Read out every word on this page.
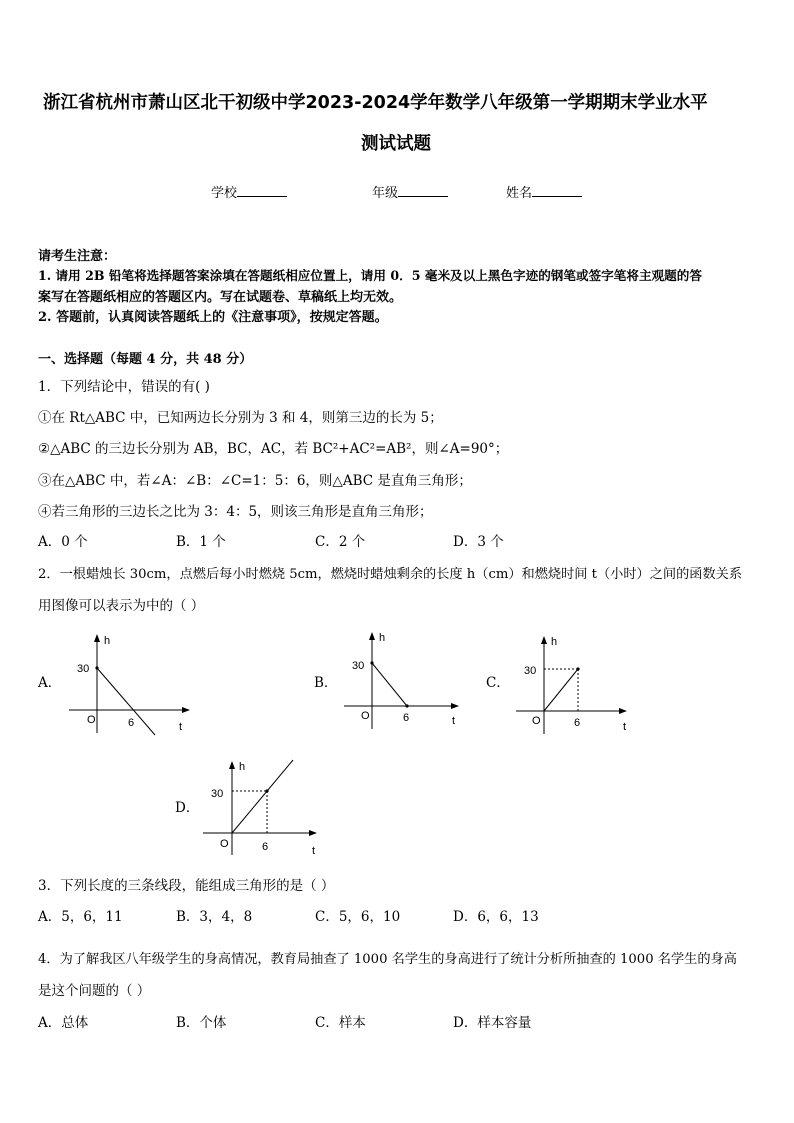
浙江省杭州市萧山区北干初级中学2023-2024学年数学八年级第一学期期末学业水平
测试试题
学校	年级	姓名
请考生注意：
1. 请用 2B 铅笔将选择题答案涂填在答题纸相应位置上，请用 0．5 毫米及以上黑色字迹的钢笔或签字笔将主观题的答
案写在答题纸相应的答题区内。写在试题卷、草稿纸上均无效。
2. 答题前，认真阅读答题纸上的《注意事项》，按规定答题。
一、选择题（每题 4 分，共 48 分）
1．下列结论中，错误的有( )
①在 Rt△ABC 中，已知两边长分别为 3 和 4，则第三边的长为 5；
②△ABC 的三边长分别为 AB，BC，AC，若 BC²+AC²=AB²，则∠A=90°；
③在△ABC 中，若∠A：∠B：∠C=1：5：6，则△ABC 是直角三角形；
④若三角形的三边长之比为 3：4：5，则该三角形是直角三角形；
A．0 个	B．1 个	C．2 个	D．3 个
2．一根蜡烛长 30cm，点燃后每小时燃烧 5cm，燃烧时蜡烛剩余的长度 h（cm）和燃烧时间 t（小时）之间的函数关系
用图像可以表示为中的（ ）
A．
h
30
O	6	t
B．
h
30
O	6	t
C．
h
30
O	6	t
D．
h
30
O	6	t
3．下列长度的三条线段，能组成三角形的是（ ）
A．5，6，11	B．3，4，8	C．5，6，10	D．6，6，13
4．为了解我区八年级学生的身高情况，教育局抽查了 1000 名学生的身高进行了统计分析所抽查的 1000 名学生的身高
是这个问题的（ ）
A．总体	B．个体	C．样本	D．样本容量
